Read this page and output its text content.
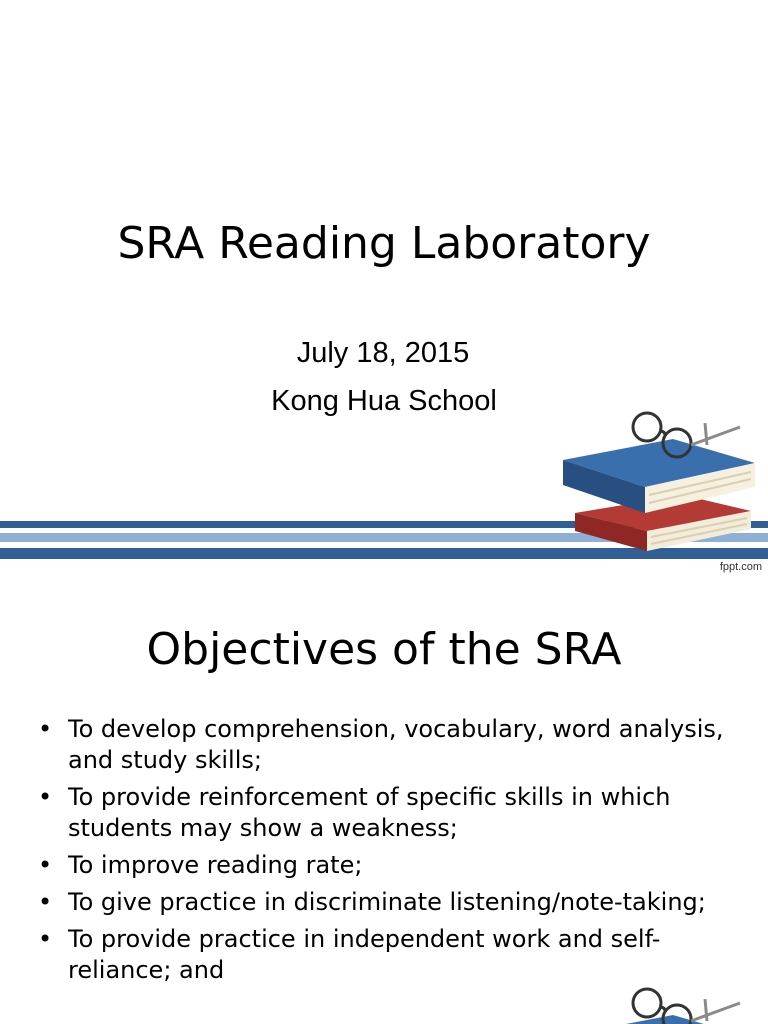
SRA Reading Laboratory
July 18, 2015
Kong Hua School
fppt.com
Objectives of the SRA
• To develop comprehension, vocabulary, word analysis, and study skills;
• To provide reinforcement of specific skills in which students may show a weakness;
• To improve reading rate;
• To give practice in discriminate listening/note-taking;
• To provide practice in independent work and self-reliance; and
